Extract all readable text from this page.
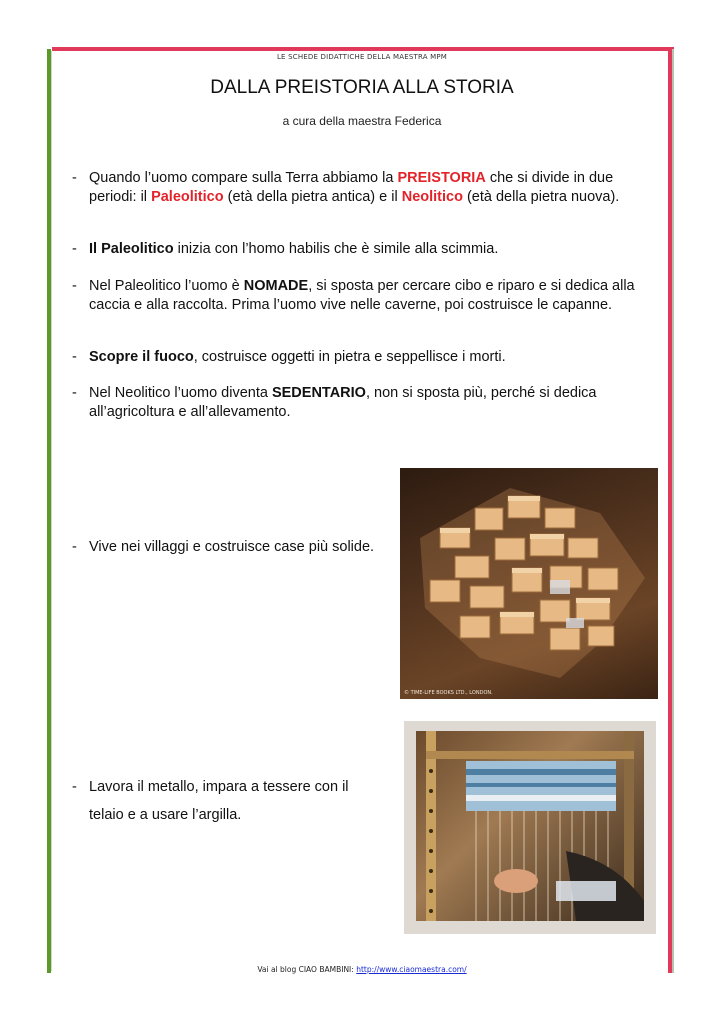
LE SCHEDE DIDATTICHE DELLA MAESTRA MPM
DALLA PREISTORIA ALLA STORIA
a cura della maestra Federica
- Quando l’uomo compare sulla Terra abbiamo la PREISTORIA che si divide in due periodi: il Paleolitico (età della pietra antica) e il Neolitico (età della pietra nuova).
- Il Paleolitico inizia con l’homo habilis che è simile alla scimmia.
- Nel Paleolitico l’uomo è NOMADE, si sposta per cercare cibo e riparo e si dedica alla caccia e alla raccolta. Prima l’uomo vive nelle caverne, poi costruisce le capanne.
- Scopre il fuoco, costruisce oggetti in pietra e seppellisce i morti.
- Nel Neolitico l’uomo diventa SEDENTARIO, non si sposta più, perché si dedica all’agricoltura e all’allevamento.
- Vive nei villaggi e costruisce case più solide.
- Lavora il metallo, impara a tessere con il telaio e a usare l’argilla.
© TIME-LIFE BOOKS LTD., LONDON.
Vai al blog CIAO BAMBINI: http://www.ciaomaestra.com/
